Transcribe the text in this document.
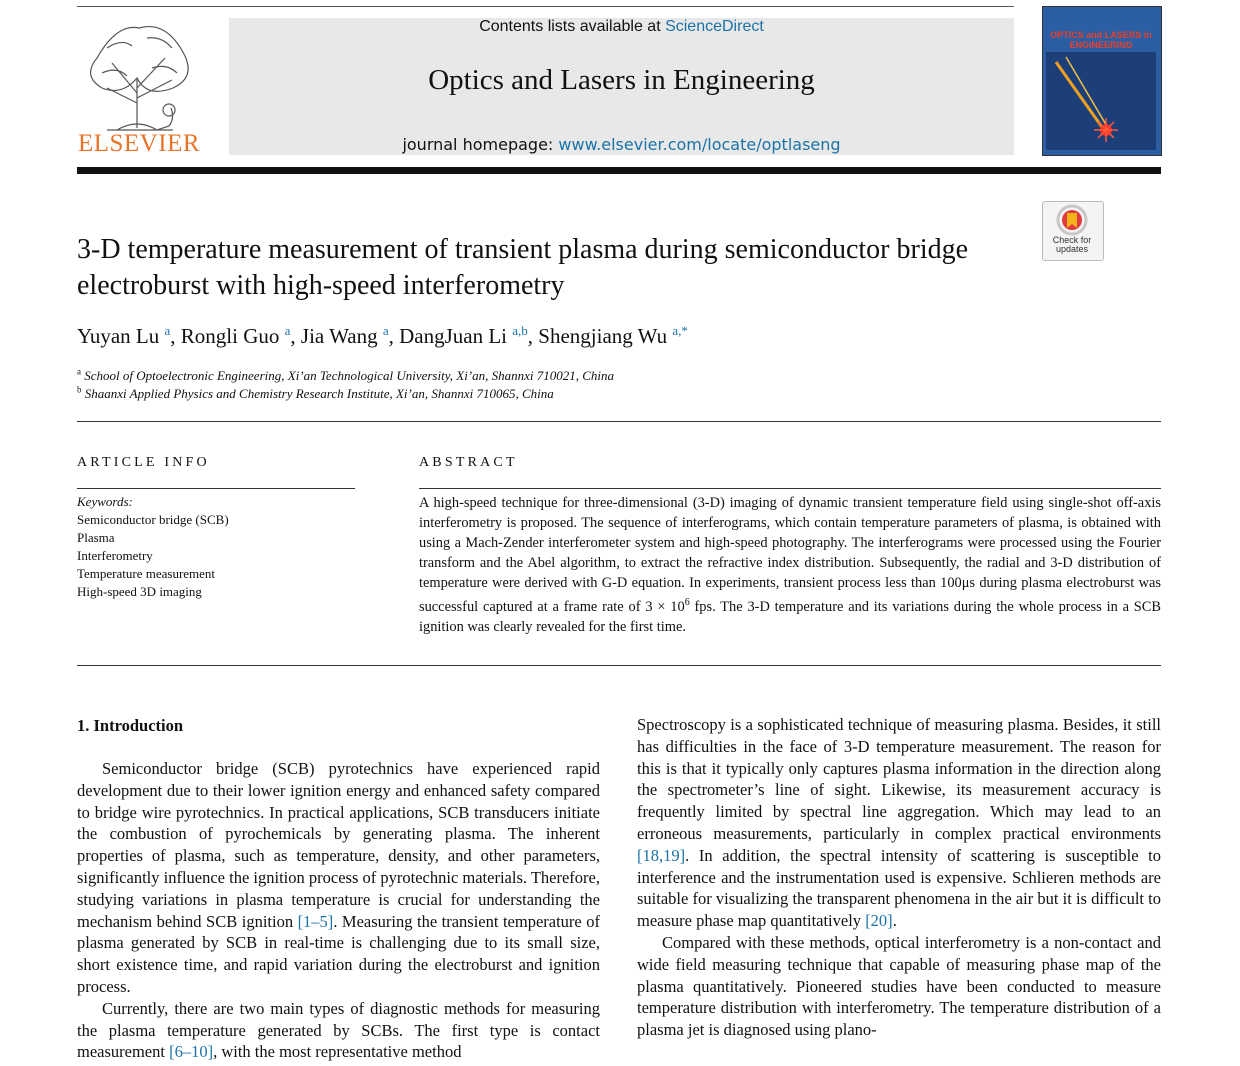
ELSEVIER
Contents lists available at ScienceDirect
Optics and Lasers in Engineering
journal homepage: www.elsevier.com/locate/optlaseng
OPTICS and LASERS in ENGINEERING
3-D temperature measurement of transient plasma during semiconductor bridge electroburst with high-speed interferometry
Check for updates
Yuyan Lu $^a$, Rongli Guo $^a$, Jia Wang $^a$, DangJuan Li $^{a,b}$, Shengjiang Wu $^{a,*}$
$^a$ School of Optoelectronic Engineering, Xi’an Technological University, Xi’an, Shannxi 710021, China
$^b$ Shaanxi Applied Physics and Chemistry Research Institute, Xi’an, Shannxi 710065, China
ARTICLE INFO	ABSTRACT
Keywords:
Semiconductor bridge (SCB)
Plasma
Interferometry
Temperature measurement
High-speed 3D imaging
A high-speed technique for three-dimensional (3-D) imaging of dynamic transient temperature field using single-shot off-axis interferometry is proposed. The sequence of interferograms, which contain temperature parameters of plasma, is obtained with using a Mach-Zender interferometer system and high-speed photography. The interferograms were processed using the Fourier transform and the Abel algorithm, to extract the refractive index distribution. Subsequently, the radial and 3-D distribution of temperature were derived with G-D equation. In experiments, transient process less than 100μs during plasma electroburst was successful captured at a frame rate of $3 \times 10^6$ fps. The 3-D temperature and its variations during the whole process in a SCB ignition was clearly revealed for the first time.
1. Introduction

Semiconductor bridge (SCB) pyrotechnics have experienced rapid development due to their lower ignition energy and enhanced safety compared to bridge wire pyrotechnics. In practical applications, SCB transducers initiate the combustion of pyrochemicals by generating plasma. The inherent properties of plasma, such as temperature, density, and other parameters, significantly influence the ignition process of pyrotechnic materials. Therefore, studying variations in plasma temperature is crucial for understanding the mechanism behind SCB ignition [1–5]. Measuring the transient temperature of plasma generated by SCB in real-time is challenging due to its small size, short existence time, and rapid variation during the electroburst and ignition process.

Currently, there are two main types of diagnostic methods for measuring the plasma temperature generated by SCBs. The first type is contact measurement [6–10], with the most representative method

Spectroscopy is a sophisticated technique of measuring plasma. Besides, it still has difficulties in the face of 3-D temperature measurement. The reason for this is that it typically only captures plasma information in the direction along the spectrometer’s line of sight. Likewise, its measurement accuracy is frequently limited by spectral line aggregation. Which may lead to an erroneous measurements, particularly in complex practical environments [18,19]. In addition, the spectral intensity of scattering is susceptible to interference and the instrumentation used is expensive. Schlieren methods are suitable for visualizing the transparent phenomena in the air but it is difficult to measure phase map quantitatively [20].

Compared with these methods, optical interferometry is a non-contact and wide field measuring technique that capable of measuring phase map of the plasma quantitatively. Pioneered studies have been conducted to measure temperature distribution with interferometry. The temperature distribution of a plasma jet is diagnosed using plano-
